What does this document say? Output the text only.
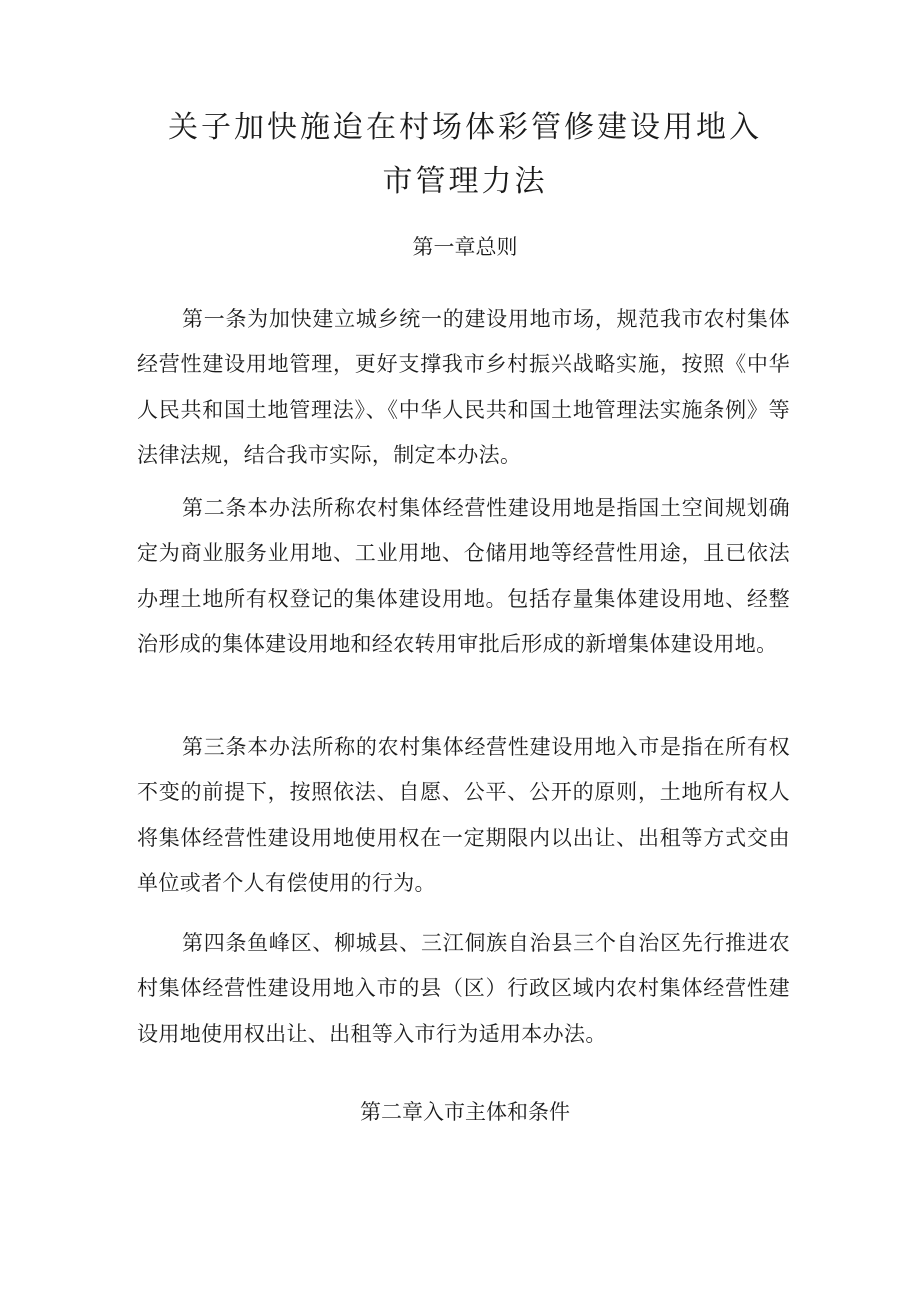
关子加快施迨在村场体彩管修建设用地入
市管理力法
第一章总则

第一条为加快建立城乡统一的建设用地市场，规范我市农村集体经营性建设用地管理，更好支撑我市乡村振兴战略实施，按照《中华人民共和国土地管理法》、《中华人民共和国土地管理法实施条例》等法律法规，结合我市实际，制定本办法。

第二条本办法所称农村集体经营性建设用地是指国土空间规划确定为商业服务业用地、工业用地、仓储用地等经营性用途，且已依法办理土地所有权登记的集体建设用地。包括存量集体建设用地、经整治形成的集体建设用地和经农转用审批后形成的新增集体建设用地。

第三条本办法所称的农村集体经营性建设用地入市是指在所有权不变的前提下，按照依法、自愿、公平、公开的原则，土地所有权人将集体经营性建设用地使用权在一定期限内以出让、出租等方式交由单位或者个人有偿使用的行为。

第四条鱼峰区、柳城县、三江侗族自治县三个自治区先行推进农村集体经营性建设用地入市的县（区）行政区域内农村集体经营性建设用地使用权出让、出租等入市行为适用本办法。

第二章入市主体和条件
